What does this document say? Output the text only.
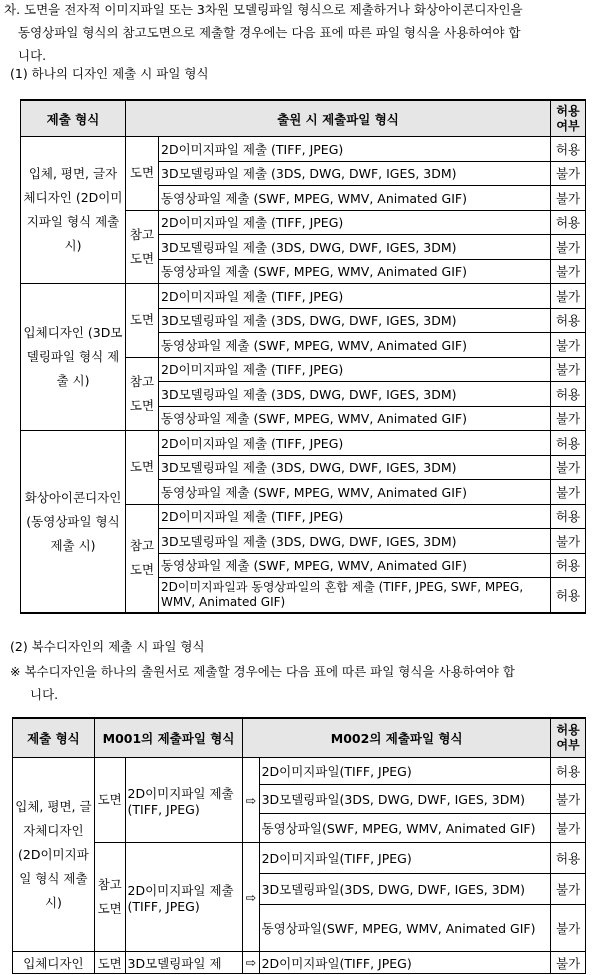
차. 도면을 전자적 이미지파일 또는 3차원 모델링파일 형식으로 제출하거나 화상아이콘디자인을
동영상파일 형식의 참고도면으로 제출할 경우에는 다음 표에 따른 파일 형식을 사용하여야 합
니다.
(1) 하나의 디자인 제출 시 파일 형식
제출 형식	출원 시 제출파일 형식		허용여부
입체, 평면, 글자체디자인 (2D이미지파일 형식 제출 시)	도면	2D이미지파일 제출 (TIFF, JPEG)	허용
		3D모델링파일 제출 (3DS, DWG, DWF, IGES, 3DM)	불가
		동영상파일 제출 (SWF, MPEG, WMV, Animated GIF)	불가
	참고도면	2D이미지파일 제출 (TIFF, JPEG)	허용
		3D모델링파일 제출 (3DS, DWG, DWF, IGES, 3DM)	불가
		동영상파일 제출 (SWF, MPEG, WMV, Animated GIF)	불가
입체디자인 (3D모델링파일 형식 제출 시)	도면	2D이미지파일 제출 (TIFF, JPEG)	불가
		3D모델링파일 제출 (3DS, DWG, DWF, IGES, 3DM)	허용
		동영상파일 제출 (SWF, MPEG, WMV, Animated GIF)	불가
	참고도면	2D이미지파일 제출 (TIFF, JPEG)	불가
		3D모델링파일 제출 (3DS, DWG, DWF, IGES, 3DM)	허용
		동영상파일 제출 (SWF, MPEG, WMV, Animated GIF)	불가
화상아이콘디자인 (동영상파일 형식 제출 시)	도면	2D이미지파일 제출 (TIFF, JPEG)	허용
		3D모델링파일 제출 (3DS, DWG, DWF, IGES, 3DM)	불가
		동영상파일 제출 (SWF, MPEG, WMV, Animated GIF)	불가
	참고도면	2D이미지파일 제출 (TIFF, JPEG)	허용
		3D모델링파일 제출 (3DS, DWG, DWF, IGES, 3DM)	불가
		동영상파일 제출 (SWF, MPEG, WMV, Animated GIF)	허용
		2D이미지파일과 동영상파일의 혼합 제출 (TIFF, JPEG, SWF, MPEG, WMV, Animated GIF)	허용
(2) 복수디자인의 제출 시 파일 형식
※ 복수디자인을 하나의 출원서로 제출할 경우에는 다음 표에 따른 파일 형식을 사용하여야 합
니다.
제출 형식	M001의 제출파일 형식		M002의 제출파일 형식		허용여부
입체, 평면, 글자체디자인 (2D이미지파일 형식 제출 시)	도면	2D이미지파일 제출 (TIFF, JPEG)	⇨	2D이미지파일(TIFF, JPEG)	허용
				3D모델링파일(3DS, DWG, DWF, IGES, 3DM)	불가
				동영상파일(SWF, MPEG, WMV, Animated GIF)	불가
	참고도면	2D이미지파일 제출 (TIFF, JPEG)	⇨	2D이미지파일(TIFF, JPEG)	허용
				3D모델링파일(3DS, DWG, DWF, IGES, 3DM)	불가
				동영상파일(SWF, MPEG, WMV, Animated GIF)	불가
입체디자인	도면	3D모델링파일 제	⇨	2D이미지파일(TIFF, JPEG)	불가
